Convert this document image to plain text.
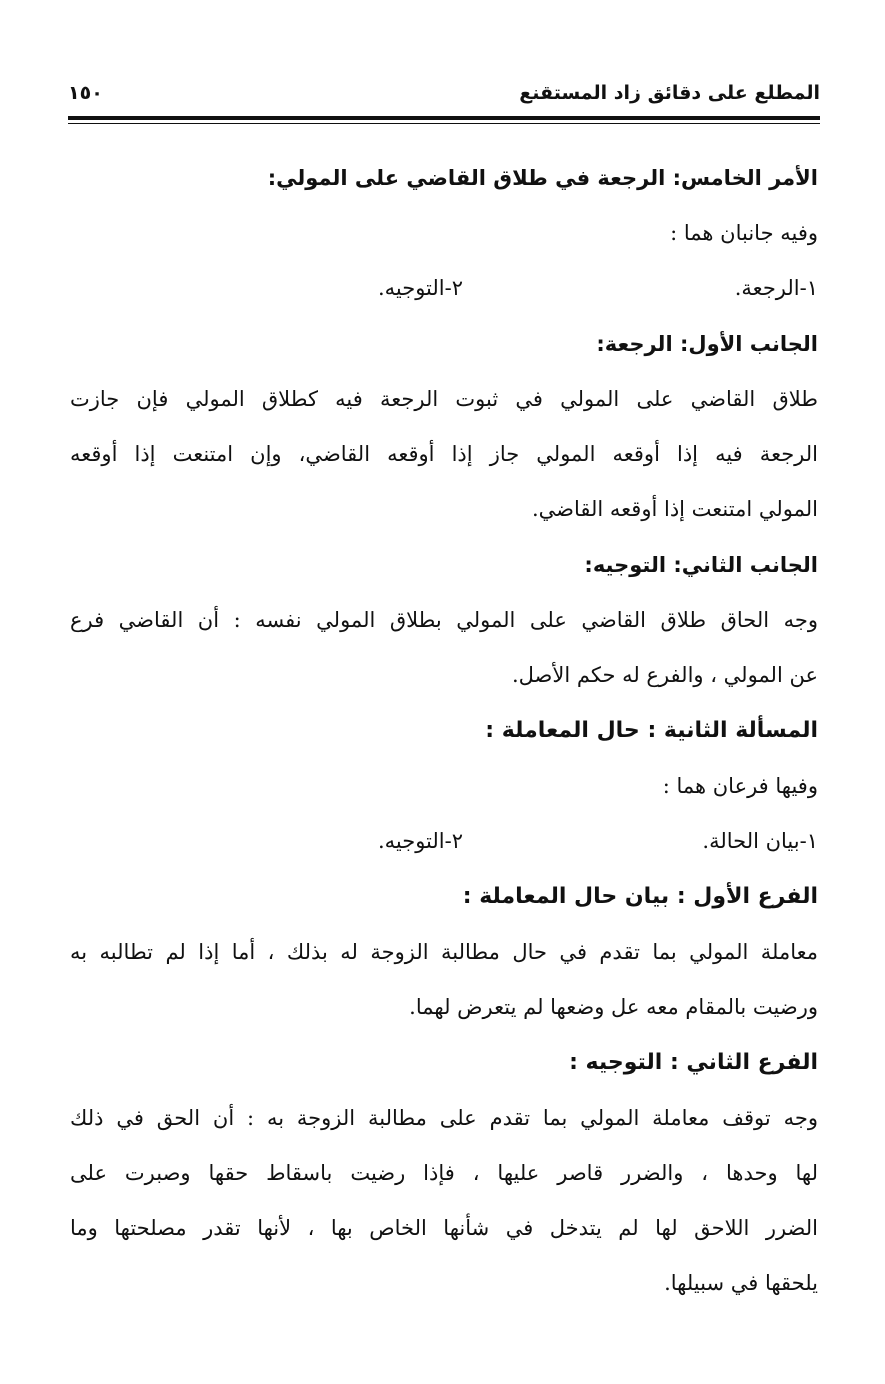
المطلع على دقائق زاد المستقنع
١٥٠
الأمر الخامس: الرجعة في طلاق القاضي على المولي:
وفيه جانبان هما :
١-الرجعة.
٢-التوجيه.
الجانب الأول: الرجعة:
طلاق القاضي على المولي في ثبوت الرجعة فيه كطلاق المولي فإن جازت
الرجعة فيه إذا أوقعه المولي جاز إذا أوقعه القاضي، وإن امتنعت إذا أوقعه
المولي امتنعت إذا أوقعه القاضي.
الجانب الثاني: التوجيه:
وجه الحاق طلاق القاضي على المولي بطلاق المولي نفسه : أن القاضي فرع
عن المولي ، والفرع له حكم الأصل.
المسألة الثانية : حال المعاملة :
وفيها فرعان هما :
١-بيان الحالة.
٢-التوجيه.
الفرع الأول : بيان حال المعاملة :
معاملة المولي بما تقدم في حال مطالبة الزوجة له بذلك ، أما إذا لم تطالبه به
ورضيت بالمقام معه عل وضعها لم يتعرض لهما.
الفرع الثاني : التوجيه :
وجه توقف معاملة المولي بما تقدم على مطالبة الزوجة به : أن الحق في ذلك
لها وحدها ، والضرر قاصر عليها ، فإذا رضيت باسقاط حقها وصبرت على
الضرر اللاحق لها لم يتدخل في شأنها الخاص بها ، لأنها تقدر مصلحتها وما
يلحقها في سبيلها.
